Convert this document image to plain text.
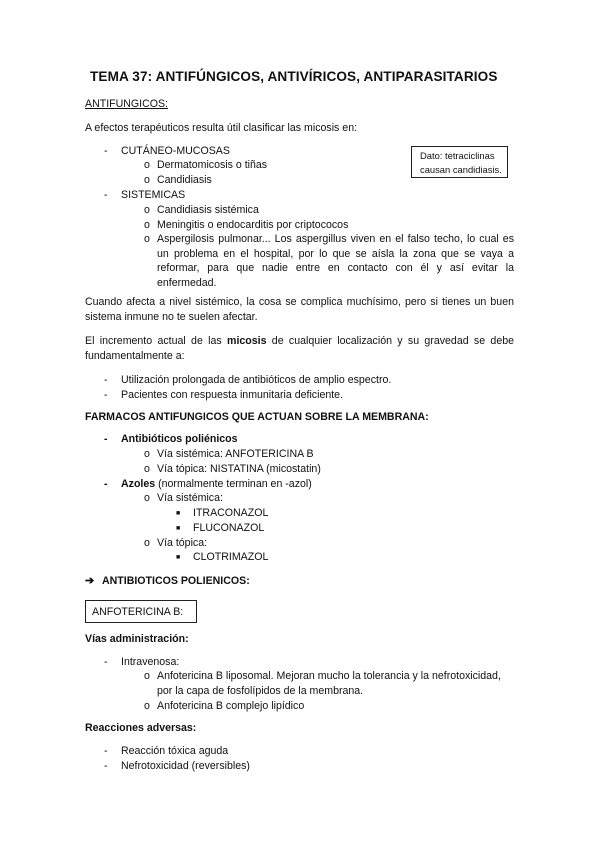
TEMA 37: ANTIFÚNGICOS, ANTIVÍRICOS, ANTIPARASITARIOS
ANTIFUNGICOS:
A efectos terapéuticos resulta útil clasificar las micosis en:
Dato: tetraciclinas
causan candidiasis.
- CUTÁNEO-MUCOSAS
o Dermatomicosis o tiñas
o Candidiasis
- SISTEMICAS
o Candidiasis sistémica
o Meningitis o endocarditis por criptococos
o Aspergilosis pulmonar... Los aspergillus viven en el falso techo, lo cual es un problema en el hospital, por lo que se aísla la zona que se vaya a reformar, para que nadie entre en contacto con él y así evitar la enfermedad.
Cuando afecta a nivel sistémico, la cosa se complica muchísimo, pero si tienes un buen sistema inmune no te suelen afectar.
El incremento actual de las micosis de cualquier localización y su gravedad se debe fundamentalmente a:
- Utilización prolongada de antibióticos de amplio espectro.
- Pacientes con respuesta inmunitaria deficiente.
FARMACOS ANTIFUNGICOS QUE ACTUAN SOBRE LA MEMBRANA:
- Antibióticos poliénicos
o Vía sistémica: ANFOTERICINA B
o Vía tópica: NISTATINA (micostatin)
- Azoles (normalmente terminan en -azol)
o Vía sistémica:
■ ITRACONAZOL
■ FLUCONAZOL
o Vía tópica:
■ CLOTRIMAZOL
➔ ANTIBIOTICOS POLIENICOS:
ANFOTERICINA B:
Vías administración:
- Intravenosa:
o Anfotericina B liposomal. Mejoran mucho la tolerancia y la nefrotoxicidad, por la capa de fosfolípidos de la membrana.
o Anfotericina B complejo lipídico
Reacciones adversas:
- Reacción tóxica aguda
- Nefrotoxicidad (reversibles)
